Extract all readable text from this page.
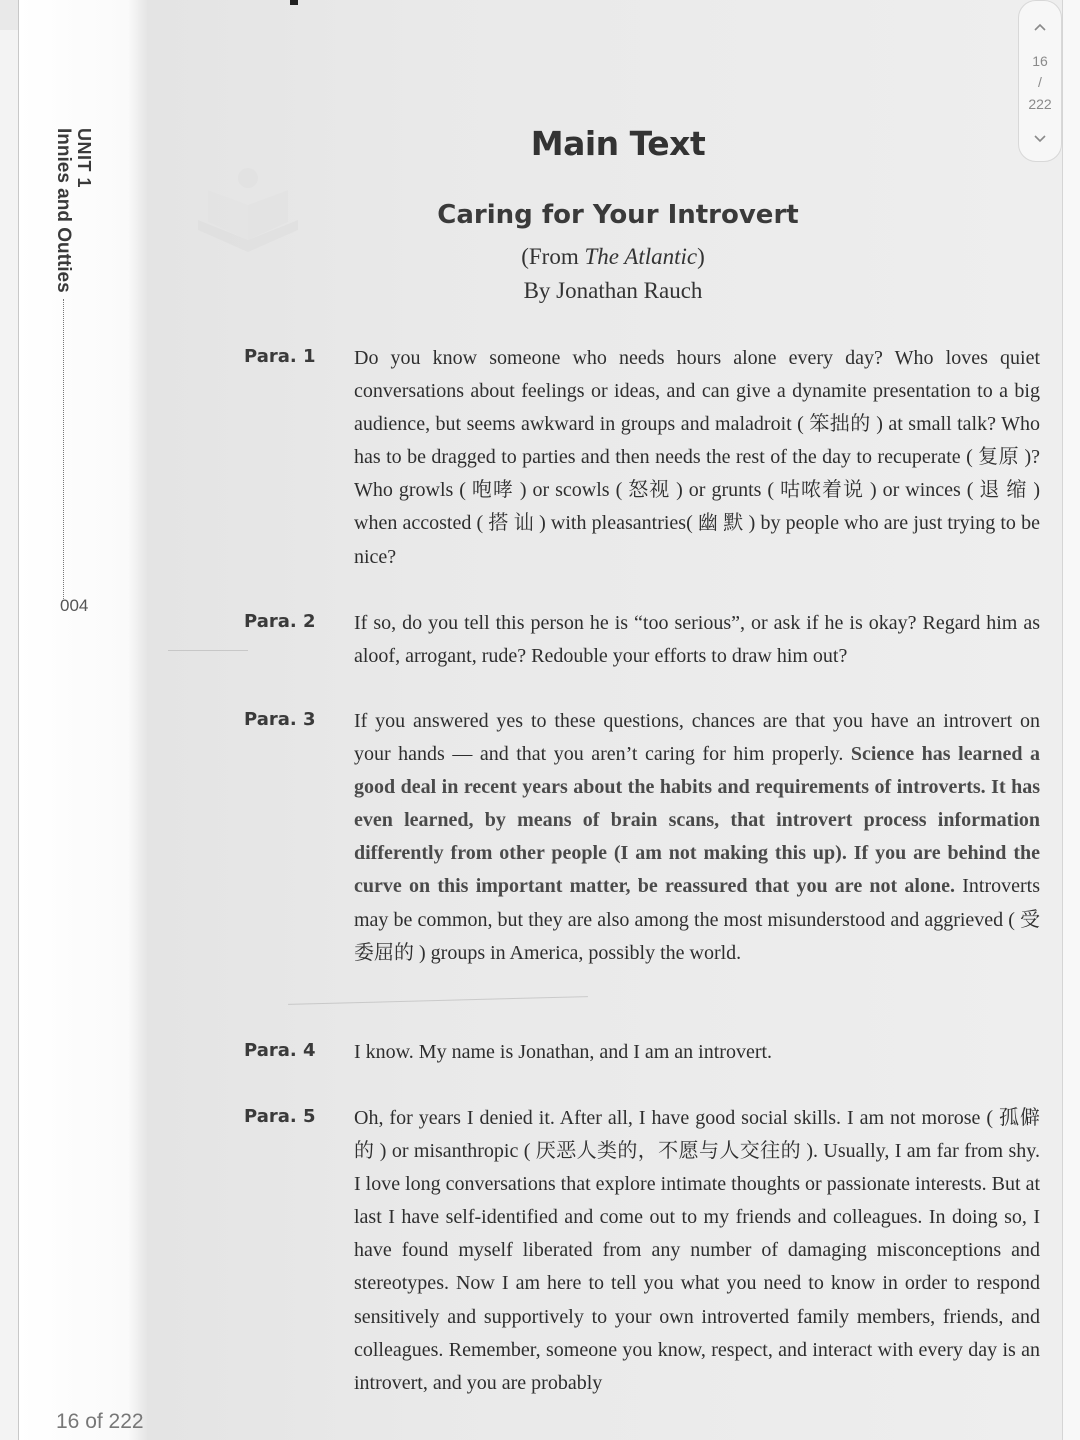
UNIT 1
Innies and Outties
004

Main Text
Caring for Your Introvert
(From The Atlantic)
By Jonathan Rauch
Para. 1 Do you know someone who needs hours alone every day? Who loves quiet conversations about feelings or ideas, and can give a dynamite presentation to a big audience, but seems awkward in groups and maladroit ( 笨拙的 ) at small talk? Who has to be dragged to parties and then needs the rest of the day to recuperate ( 复原 )? Who growls ( 咆哮 ) or scowls ( 怒视 ) or grunts ( 咕哝着说 ) or winces ( 退 缩 ) when accosted ( 搭 讪 ) with pleasantries( 幽 默 ) by people who are just trying to be nice?
Para. 2 If so, do you tell this person he is “too serious”, or ask if he is okay? Regard him as aloof, arrogant, rude? Redouble your efforts to draw him out?
Para. 3 If you answered yes to these questions, chances are that you have an introvert on your hands — and that you aren’t caring for him properly. Science has learned a good deal in recent years about the habits and requirements of introverts. It has even learned, by means of brain scans, that introvert process information differently from other people (I am not making this up). If you are behind the curve on this important matter, be reassured that you are not alone. Introverts may be common, but they are also among the most misunderstood and aggrieved ( 受委屈的 ) groups in America, possibly the world.
Para. 4 I know. My name is Jonathan, and I am an introvert.
Para. 5 Oh, for years I denied it. After all, I have good social skills. I am not morose ( 孤僻的 ) or misanthropic ( 厌恶人类的，不愿与人交往的 ). Usually, I am far from shy. I love long conversations that explore intimate thoughts or passionate interests. But at last I have self-identified and come out to my friends and colleagues. In doing so, I have found myself liberated from any number of damaging misconceptions and stereotypes. Now I am here to tell you what you need to know in order to respond sensitively and supportively to your own introverted family members, friends, and colleagues. Remember, someone you know, respect, and interact with every day is an introvert, and you are probably
16 of 222
16
/
222
